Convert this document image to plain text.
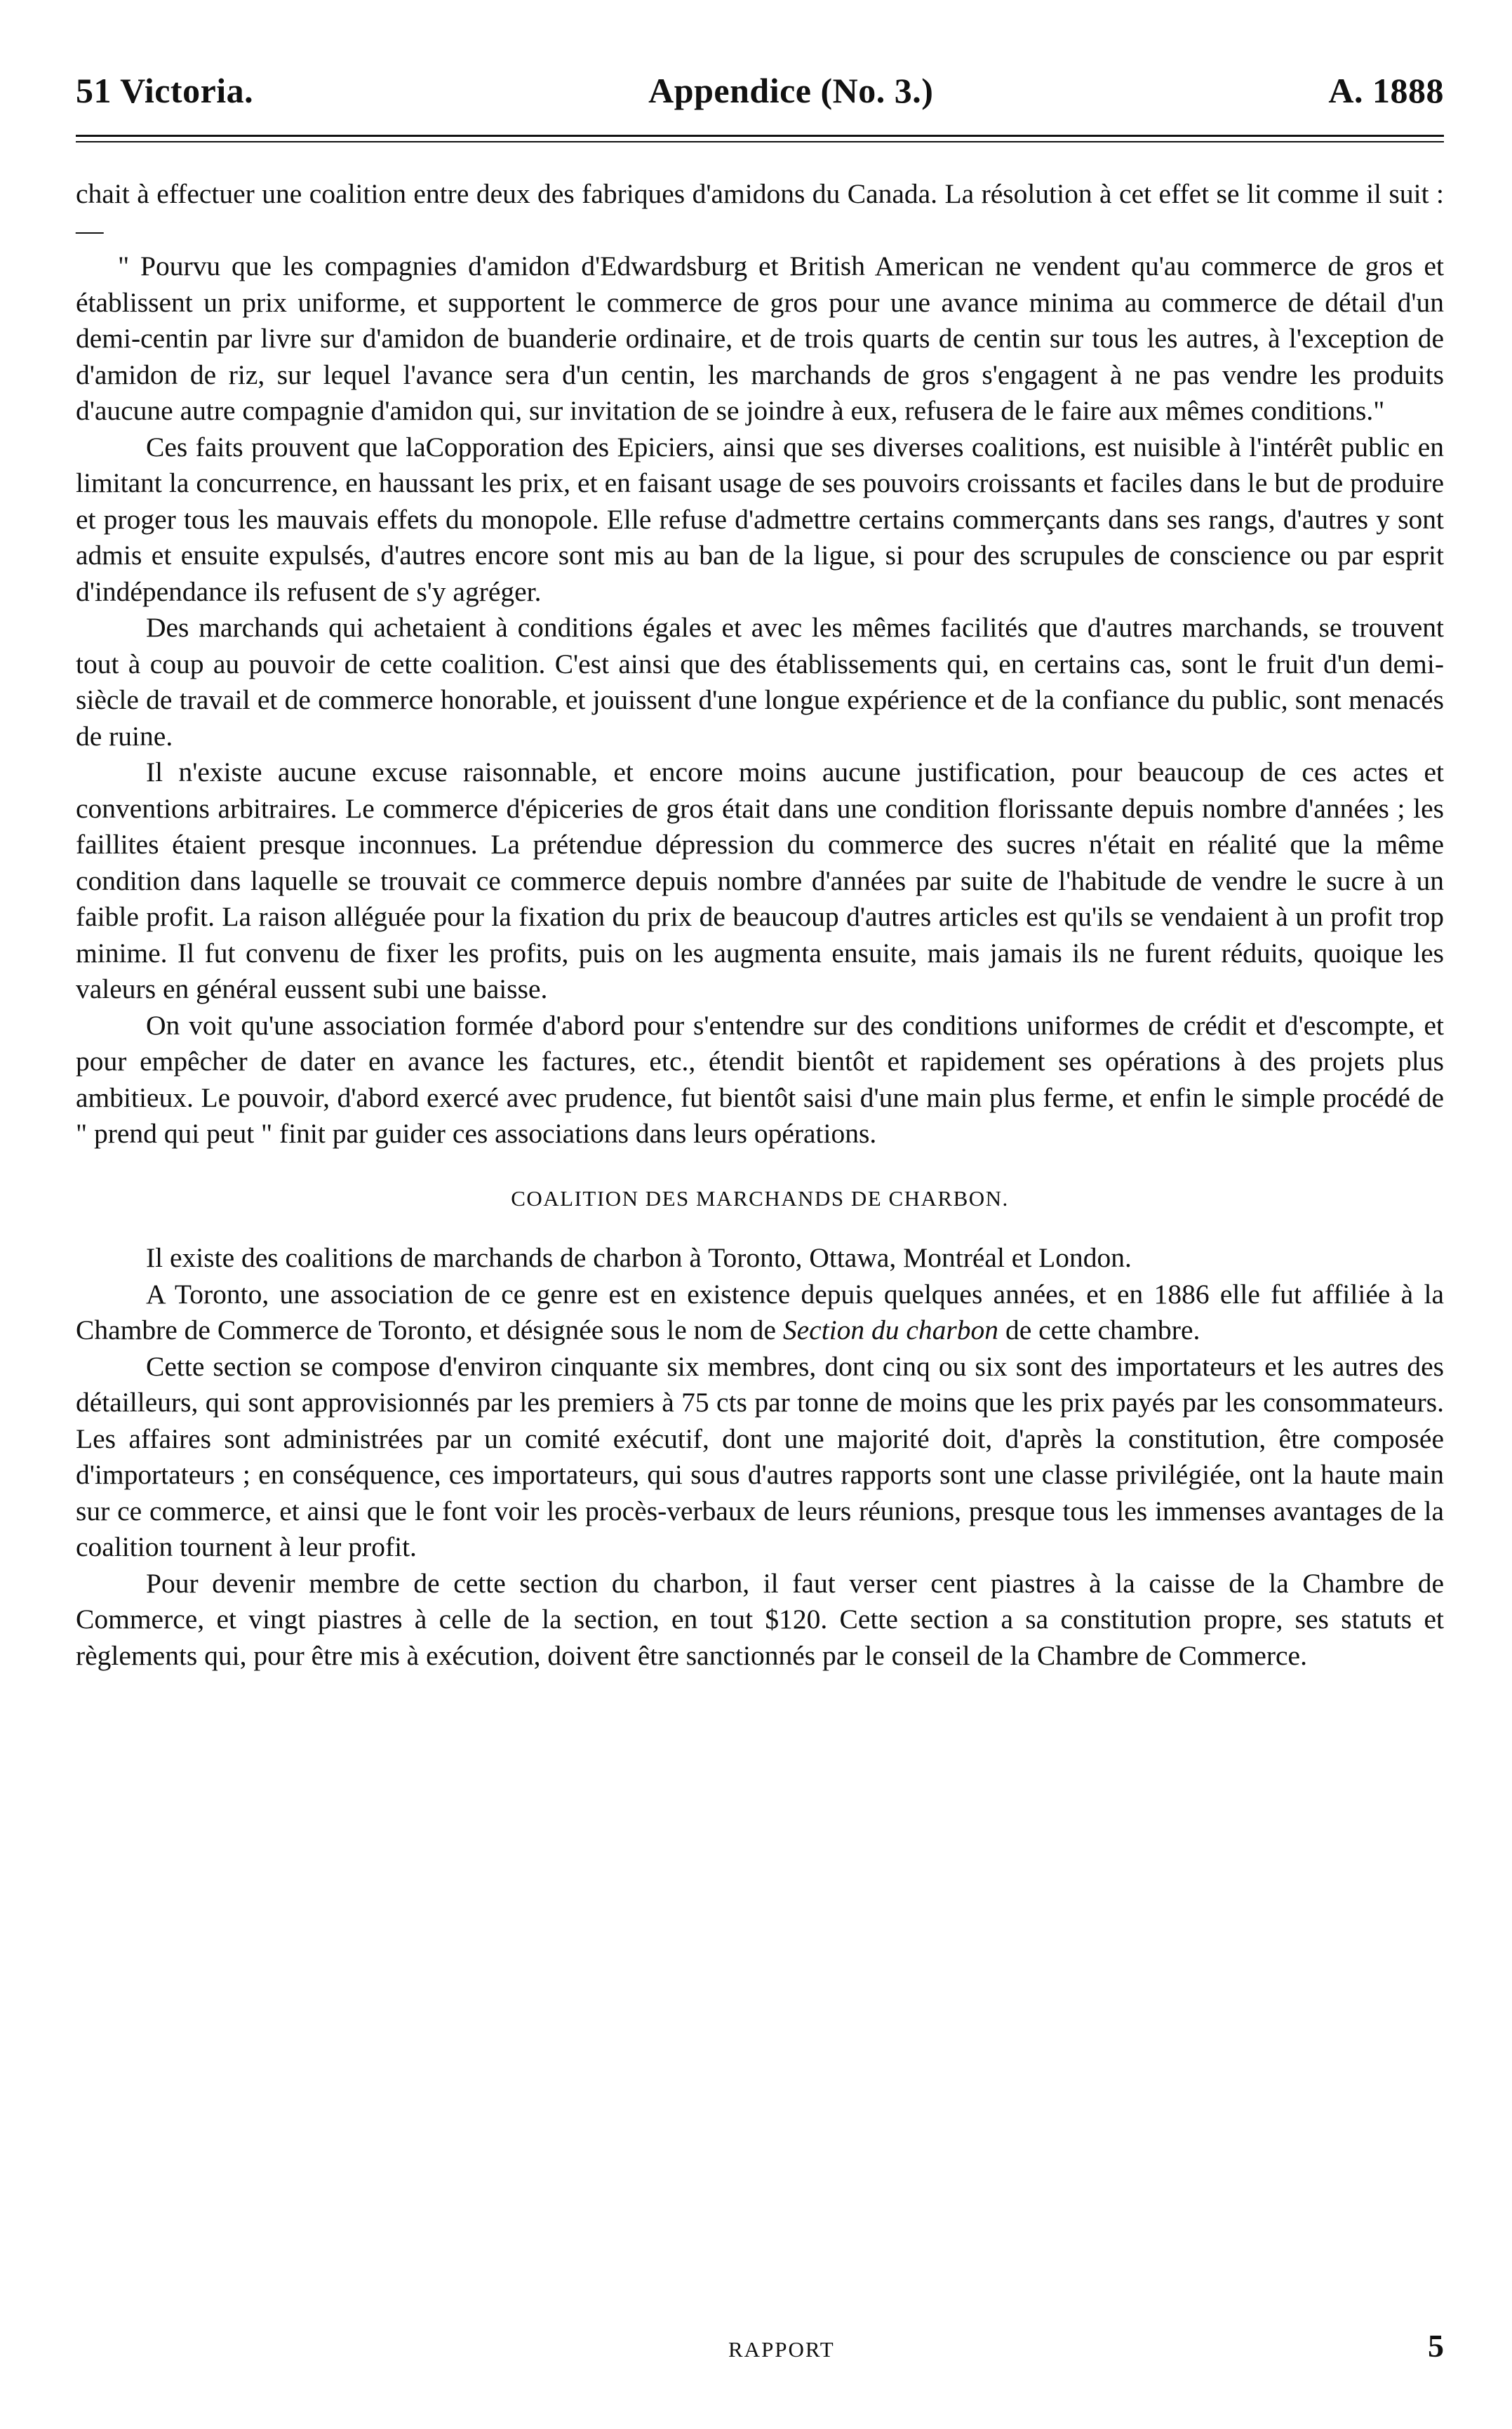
51 Victoria.	Appendice (No. 3.)	A. 1888

chait à effectuer une coalition entre deux des fabriques d'amidons du Canada. La résolution à cet effet se lit comme il suit :—

" Pourvu que les compagnies d'amidon d'Edwardsburg et British American ne vendent qu'au commerce de gros et établissent un prix uniforme, et supportent le commerce de gros pour une avance minima au commerce de détail d'un demi-centin par livre sur d'amidon de buanderie ordinaire, et de trois quarts de centin sur tous les autres, à l'exception de d'amidon de riz, sur lequel l'avance sera d'un centin, les marchands de gros s'engagent à ne pas vendre les produits d'aucune autre compagnie d'amidon qui, sur invitation de se joindre à eux, refusera de le faire aux mêmes conditions."

Ces faits prouvent que laCopporation des Epiciers, ainsi que ses diverses coalitions, est nuisible à l'intérêt public en limitant la concurrence, en haussant les prix, et en faisant usage de ses pouvoirs croissants et faciles dans le but de produire et proger tous les mauvais effets du monopole. Elle refuse d'admettre certains commerçants dans ses rangs, d'autres y sont admis et ensuite expulsés, d'autres encore sont mis au ban de la ligue, si pour des scrupules de conscience ou par esprit d'indépendance ils refusent de s'y agréger.

Des marchands qui achetaient à conditions égales et avec les mêmes facilités que d'autres marchands, se trouvent tout à coup au pouvoir de cette coalition. C'est ainsi que des établissements qui, en certains cas, sont le fruit d'un demi-siècle de travail et de commerce honorable, et jouissent d'une longue expérience et de la confiance du public, sont menacés de ruine.

Il n'existe aucune excuse raisonnable, et encore moins aucune justification, pour beaucoup de ces actes et conventions arbitraires. Le commerce d'épiceries de gros était dans une condition florissante depuis nombre d'années ; les faillites étaient presque inconnues. La prétendue dépression du commerce des sucres n'était en réalité que la même condition dans laquelle se trouvait ce commerce depuis nombre d'années par suite de l'habitude de vendre le sucre à un faible profit. La raison alléguée pour la fixation du prix de beaucoup d'autres articles est qu'ils se vendaient à un profit trop minime. Il fut convenu de fixer les profits, puis on les augmenta ensuite, mais jamais ils ne furent réduits, quoique les valeurs en général eussent subi une baisse.

On voit qu'une association formée d'abord pour s'entendre sur des conditions uniformes de crédit et d'escompte, et pour empêcher de dater en avance les factures, etc., étendit bientôt et rapidement ses opérations à des projets plus ambitieux. Le pouvoir, d'abord exercé avec prudence, fut bientôt saisi d'une main plus ferme, et enfin le simple procédé de " prend qui peut " finit par guider ces associations dans leurs opérations.

COALITION DES MARCHANDS DE CHARBON.

Il existe des coalitions de marchands de charbon à Toronto, Ottawa, Montréal et London.

A Toronto, une association de ce genre est en existence depuis quelques années, et en 1886 elle fut affiliée à la Chambre de Commerce de Toronto, et désignée sous le nom de Section du charbon de cette chambre.

Cette section se compose d'environ cinquante six membres, dont cinq ou six sont des importateurs et les autres des détailleurs, qui sont approvisionnés par les premiers à 75 cts par tonne de moins que les prix payés par les consommateurs. Les affaires sont administrées par un comité exécutif, dont une majorité doit, d'après la constitution, être composée d'importateurs ; en conséquence, ces importateurs, qui sous d'autres rapports sont une classe privilégiée, ont la haute main sur ce commerce, et ainsi que le font voir les procès-verbaux de leurs réunions, presque tous les immenses avantages de la coalition tournent à leur profit.

Pour devenir membre de cette section du charbon, il faut verser cent piastres à la caisse de la Chambre de Commerce, et vingt piastres à celle de la section, en tout $120. Cette section a sa constitution propre, ses statuts et règlements qui, pour être mis à exécution, doivent être sanctionnés par le conseil de la Chambre de Commerce.

RAPPORT	5
